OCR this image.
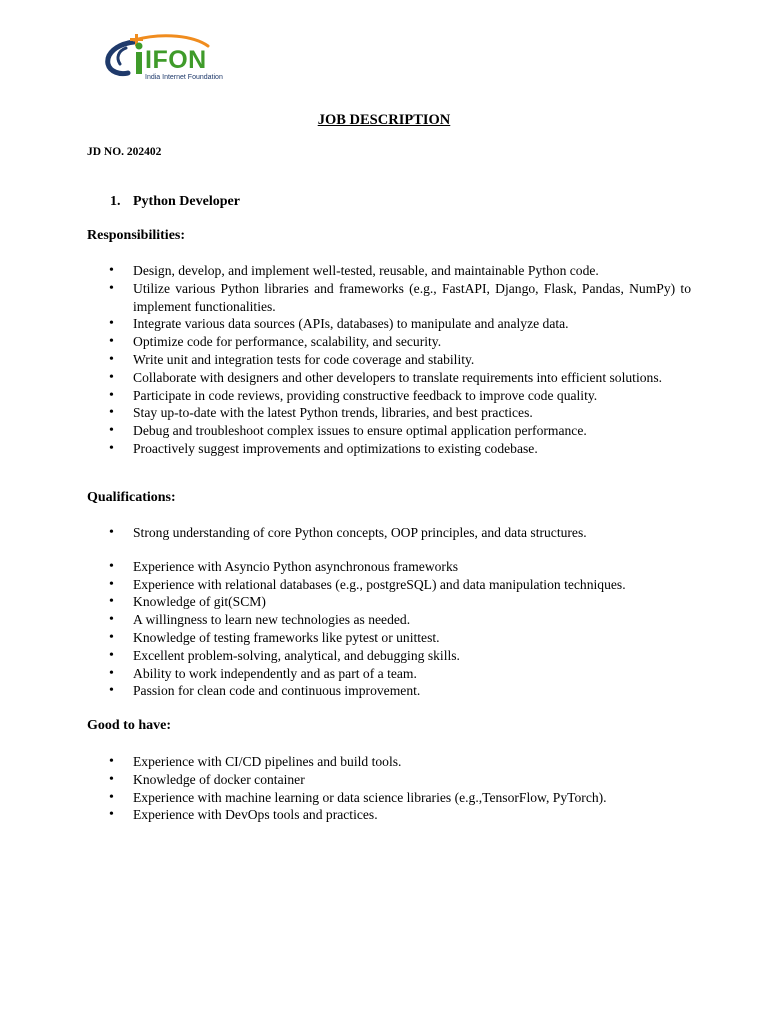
IFON
India Internet Foundation
JOB DESCRIPTION
JD NO. 202402
1. Python Developer
Responsibilities:
• Design, develop, and implement well-tested, reusable, and maintainable Python code.
• Utilize various Python libraries and frameworks (e.g., FastAPI, Django, Flask, Pandas, NumPy) to implement functionalities.
• Integrate various data sources (APIs, databases) to manipulate and analyze data.
• Optimize code for performance, scalability, and security.
• Write unit and integration tests for code coverage and stability.
• Collaborate with designers and other developers to translate requirements into efficient solutions.
• Participate in code reviews, providing constructive feedback to improve code quality.
• Stay up-to-date with the latest Python trends, libraries, and best practices.
• Debug and troubleshoot complex issues to ensure optimal application performance.
• Proactively suggest improvements and optimizations to existing codebase.
Qualifications:
• Strong understanding of core Python concepts, OOP principles, and data structures.
• Experience with Asyncio Python asynchronous frameworks
• Experience with relational databases (e.g., postgreSQL) and data manipulation techniques.
• Knowledge of git(SCM)
• A willingness to learn new technologies as needed.
• Knowledge of testing frameworks like pytest or unittest.
• Excellent problem-solving, analytical, and debugging skills.
• Ability to work independently and as part of a team.
• Passion for clean code and continuous improvement.
Good to have:
• Experience with CI/CD pipelines and build tools.
• Knowledge of docker container
• Experience with machine learning or data science libraries (e.g.,TensorFlow, PyTorch).
• Experience with DevOps tools and practices.
